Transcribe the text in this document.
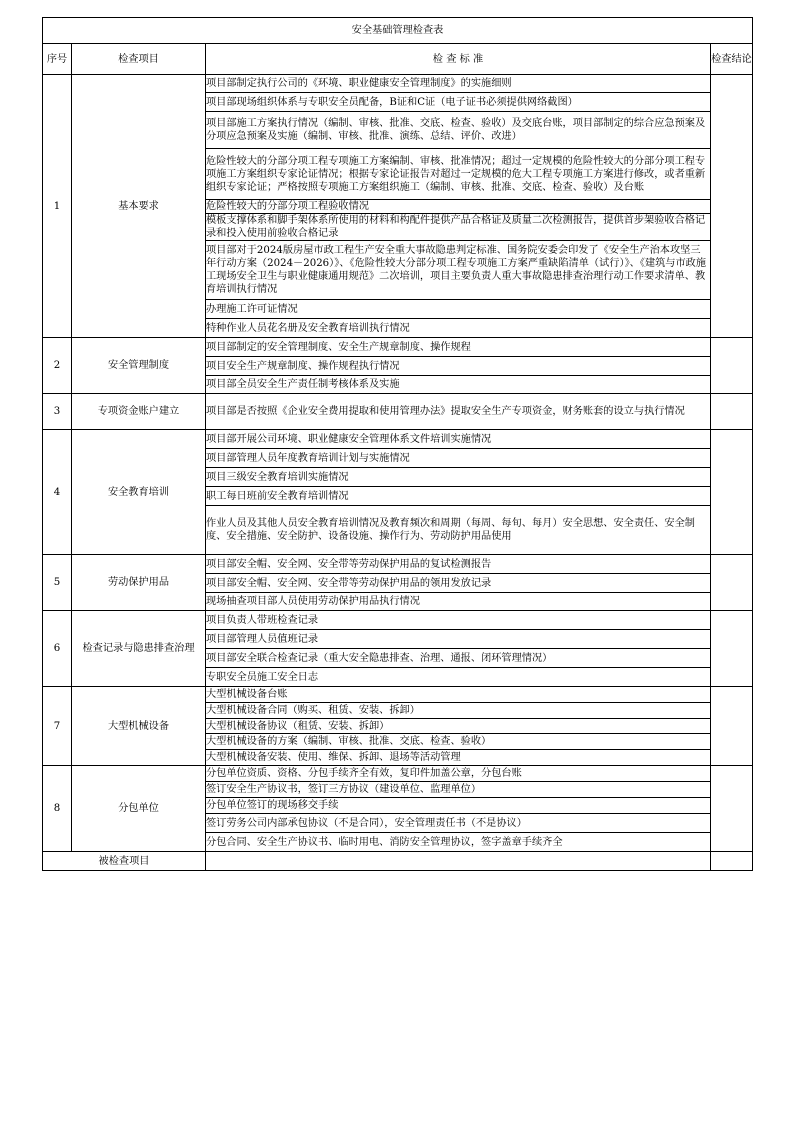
安全基础管理检查表			
序号	检查项目	检 查 标 准	检查结论
1	基本要求	项目部制定执行公司的《环境、职业健康安全管理制度》的实施细则	
		项目部现场组织体系与专职安全员配备，B证和C证（电子证书必须提供网络截图）	
		项目部施工方案执行情况（编制、审核、批准、交底、检查、验收）及交底台账，项目部制定的综合应急预案及分项应急预案及实施（编制、审核、批准、演练、总结、评价、改进）	
		危险性较大的分部分项工程专项施工方案编制、审核、批准情况；超过一定规模的危险性较大的分部分项工程专项施工方案组织专家论证情况；根据专家论证报告对超过一定规模的危大工程专项施工方案进行修改，或者重新组织专家论证；严格按照专项施工方案组织施工（编制、审核、批准、交底、检查、验收）及台账	
		危险性较大的分部分项工程验收情况	
		模板支撑体系和脚手架体系所使用的材料和构配件提供产品合格证及质量二次检测报告，提供首步架验收合格记录和投入使用前验收合格记录	
		项目部对于2024版房屋市政工程生产安全重大事故隐患判定标准、国务院安委会印发了《安全生产治本攻坚三年行动方案（2024－2026）》、《危险性较大分部分项工程专项施工方案严重缺陷清单（试行）》、《建筑与市政施工现场安全卫生与职业健康通用规范》二次培训，项目主要负责人重大事故隐患排查治理行动工作要求清单、教育培训执行情况	
		办理施工许可证情况	
		特种作业人员花名册及安全教育培训执行情况	
2	安全管理制度	项目部制定的安全管理制度、安全生产规章制度、操作规程	
		项目安全生产规章制度、操作规程执行情况	
		项目部全员安全生产责任制考核体系及实施	
3	专项资金账户建立	项目部是否按照《企业安全费用提取和使用管理办法》提取安全生产专项资金，财务账套的设立与执行情况	
4	安全教育培训	项目部开展公司环境、职业健康安全管理体系文件培训实施情况	
		项目部管理人员年度教育培训计划与实施情况	
		项目三级安全教育培训实施情况	
		职工每日班前安全教育培训情况	
		作业人员及其他人员安全教育培训情况及教育频次和周期（每周、每旬、每月）安全思想、安全责任、安全制度、安全措施、安全防护、设备设施、操作行为、劳动防护用品使用	
5	劳动保护用品	项目部安全帽、安全网、安全带等劳动保护用品的复试检测报告	
		项目部安全帽、安全网、安全带等劳动保护用品的领用发放记录	
		现场抽查项目部人员使用劳动保护用品执行情况	
6	检查记录与隐患排查治理	项目负责人带班检查记录	
		项目部管理人员值班记录	
		项目部安全联合检查记录（重大安全隐患排查、治理、通报、闭环管理情况）	
		专职安全员施工安全日志	
7	大型机械设备	大型机械设备台账	
		大型机械设备合同（购买、租赁、安装、拆卸）	
		大型机械设备协议（租赁、安装、拆卸）	
		大型机械设备的方案（编制、审核、批准、交底、检查、验收）	
		大型机械设备安装、使用、维保、拆卸、退场等活动管理	
8	分包单位	分包单位资质、资格、分包手续齐全有效，复印件加盖公章，分包台账	
		签订安全生产协议书，签订三方协议（建设单位、监理单位）	
		分包单位签订的现场移交手续	
		签订劳务公司内部承包协议（不是合同），安全管理责任书（不是协议）	
		分包合同、安全生产协议书、临时用电、消防安全管理协议，签字盖章手续齐全	
被检查项目			
